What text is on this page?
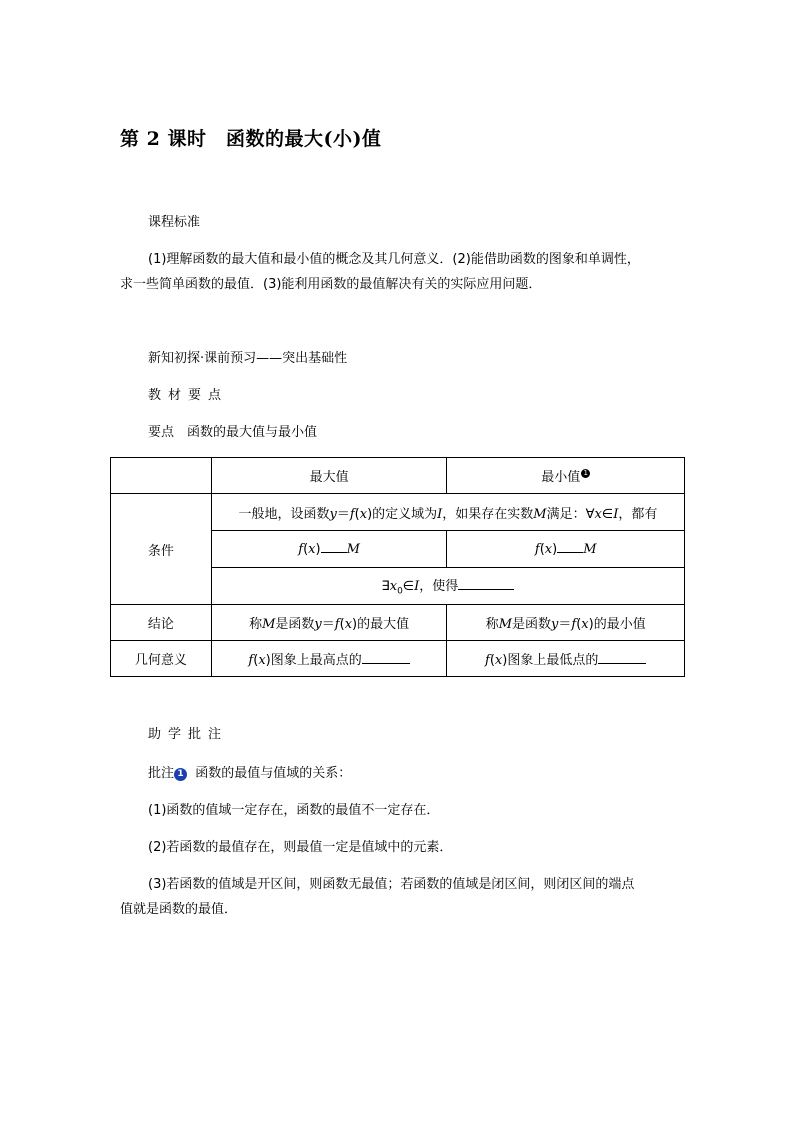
第 2 课时　函数的最大(小)值
课程标准
(1)理解函数的最大值和最小值的概念及其几何意义．(2)能借助函数的图象和单调性，
求一些简单函数的最值．(3)能利用函数的最值解决有关的实际应用问题．
新知初探·课前预习——突出基础性
教材要点
要点　函数的最大值与最小值
	最大值	最小值 1
条件	一般地，设函数y＝f(x)的定义域为I，如果存在实数M满足：∀x∈I，都有	
	f(x) M	f(x) M
	$\exists x_0\in I$，使得	
结论	称M是函数y＝f(x)的最大值	称M是函数y＝f(x)的最小值
几何意义	f(x)图象上最高点的	f(x)图象上最低点的
助学批注
批注 1 函数的最值与值域的关系：
(1)函数的值域一定存在，函数的最值不一定存在．
(2)若函数的最值存在，则最值一定是值域中的元素．
(3)若函数的值域是开区间，则函数无最值；若函数的值域是闭区间，则闭区间的端点
值就是函数的最值．
